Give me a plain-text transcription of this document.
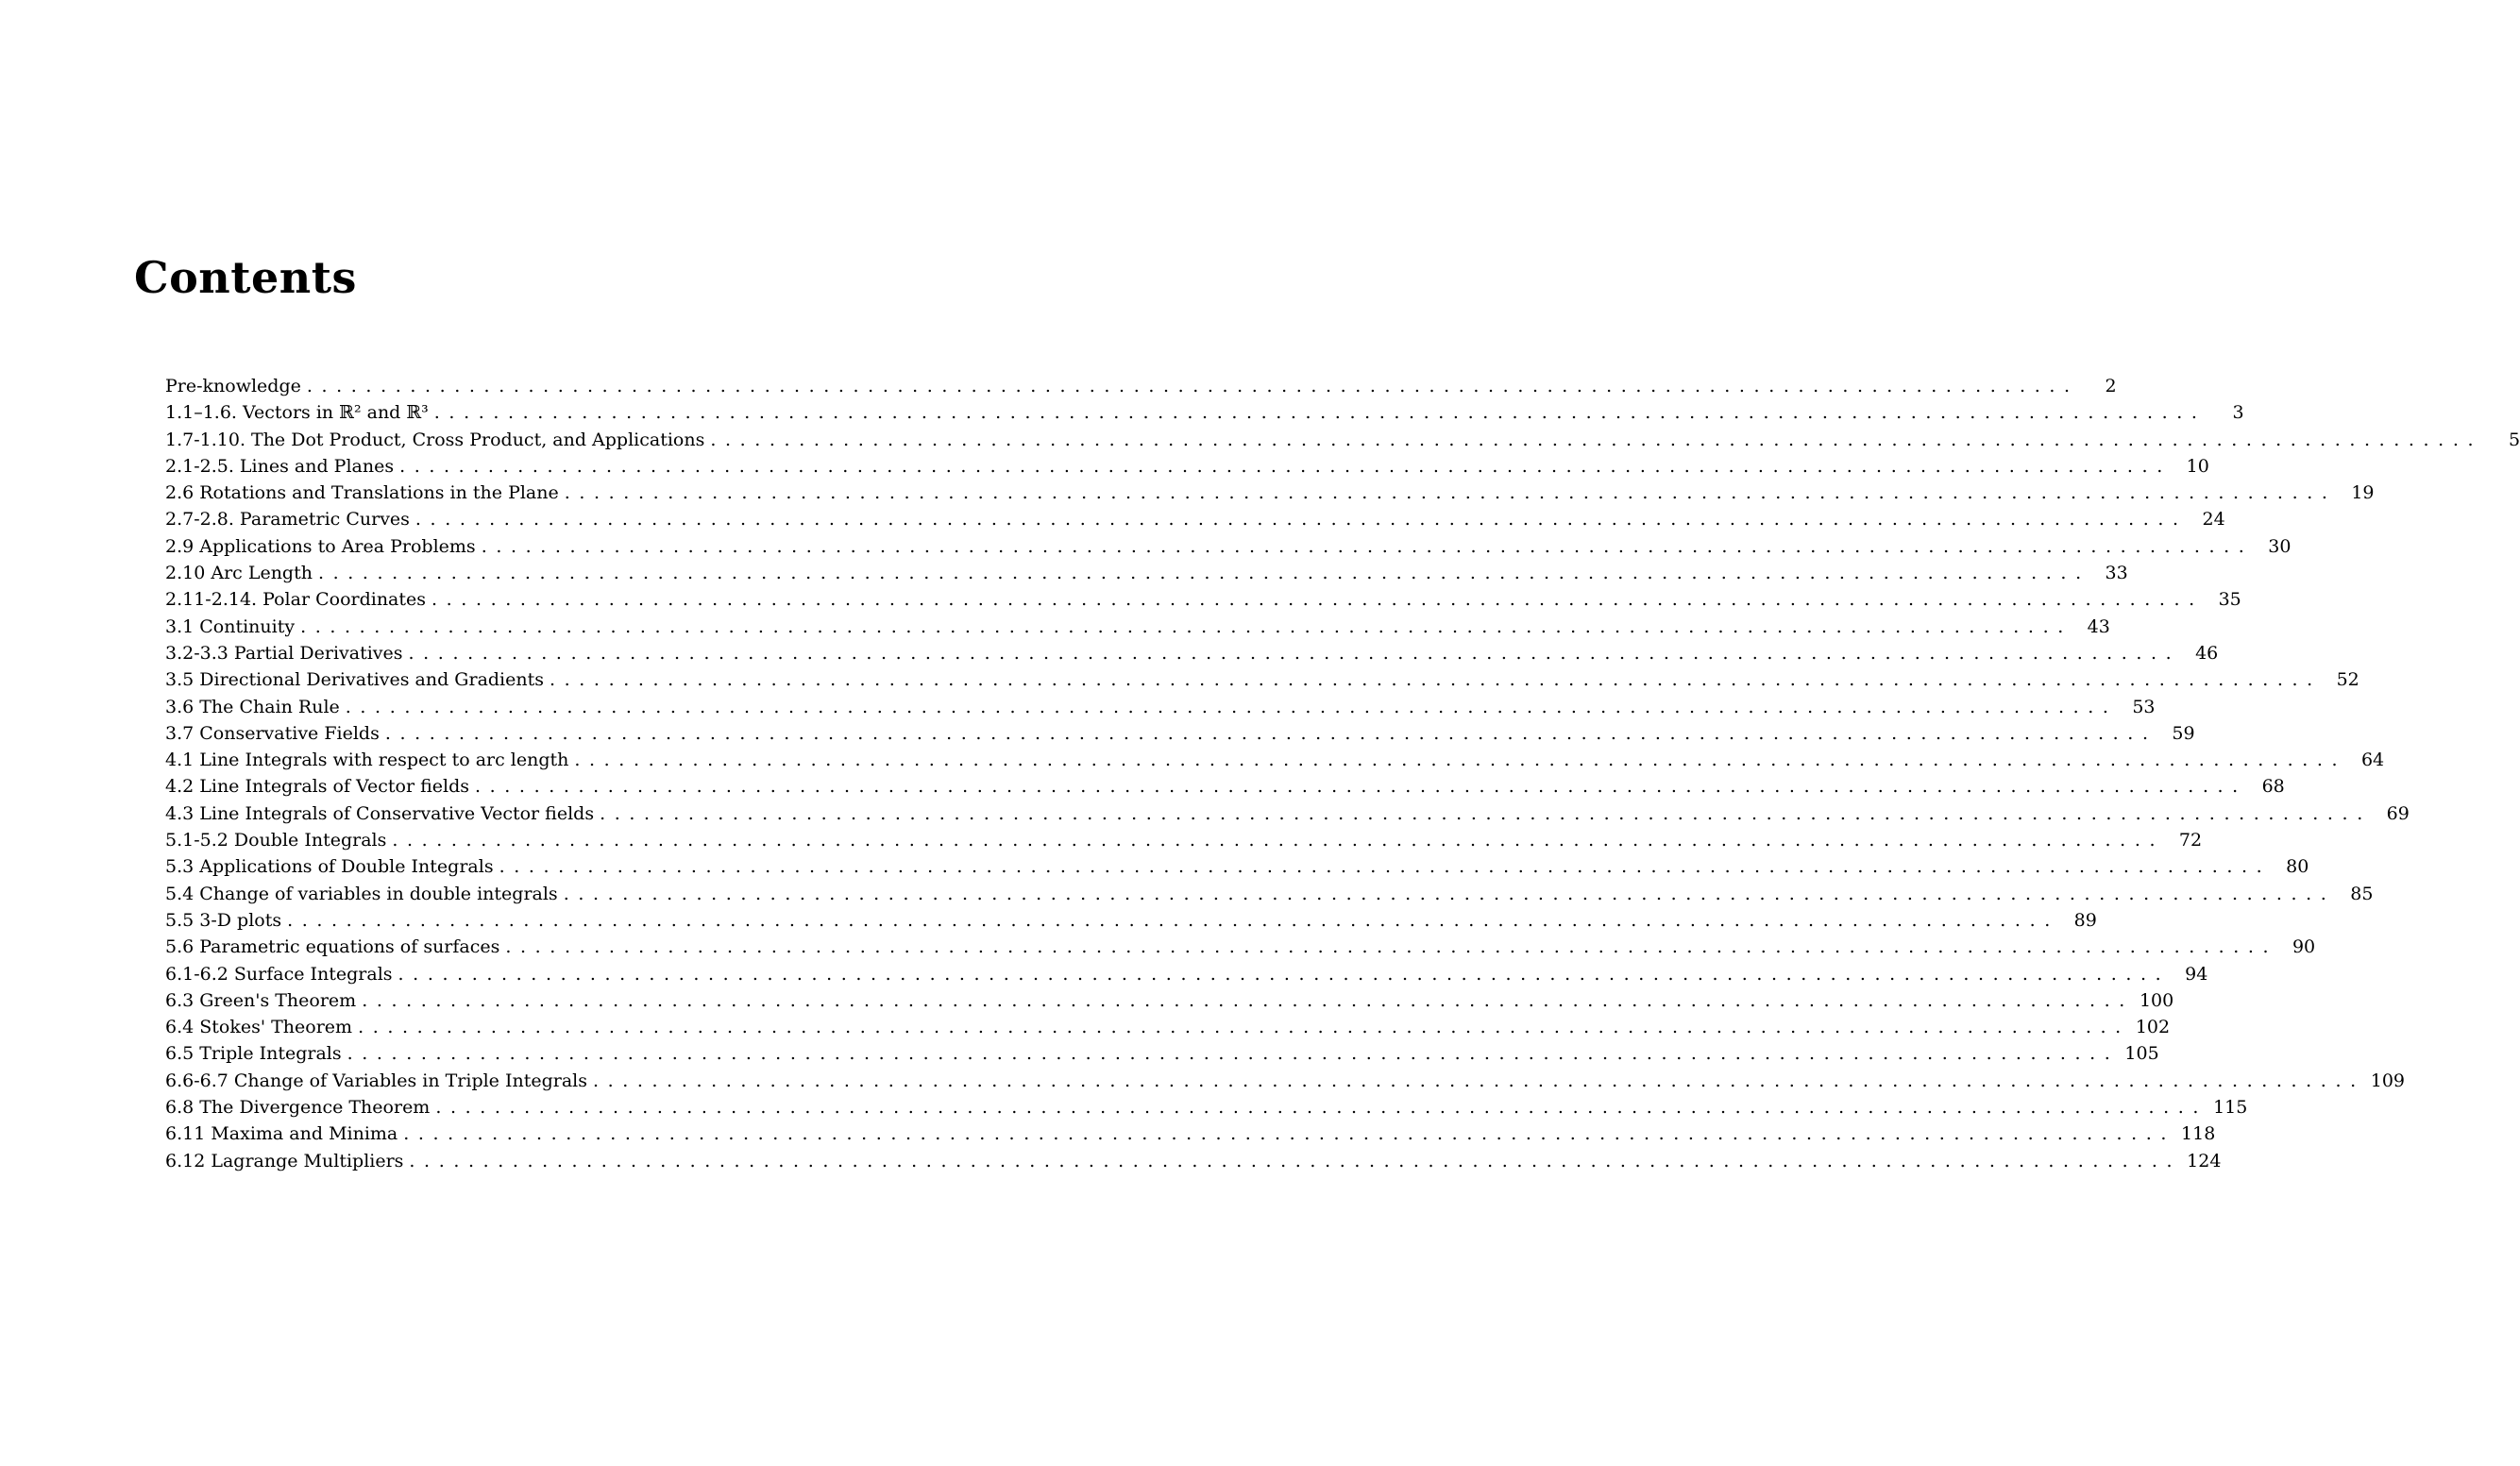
Contents
Pre-knowledge ........................................................................................................................	2
1.1–1.6. Vectors in ℝ² and ℝ³ ........................................................................................................................	3
1.7-1.10. The Dot Product, Cross Product, and Applications ........................................................................................................................	5
2.1-2.5. Lines and Planes ........................................................................................................................ 10
2.6 Rotations and Translations in the Plane ........................................................................................................................ 19
2.7-2.8. Parametric Curves ........................................................................................................................ 24
2.9 Applications to Area Problems ........................................................................................................................ 30
2.10 Arc Length ........................................................................................................................ 33
2.11-2.14. Polar Coordinates ........................................................................................................................ 35
3.1 Continuity ........................................................................................................................ 43
3.2-3.3 Partial Derivatives ........................................................................................................................ 46
3.5 Directional Derivatives and Gradients ........................................................................................................................ 52
3.6 The Chain Rule ........................................................................................................................ 53
3.7 Conservative Fields ........................................................................................................................ 59
4.1 Line Integrals with respect to arc length ........................................................................................................................ 64
4.2 Line Integrals of Vector fields ........................................................................................................................ 68
4.3 Line Integrals of Conservative Vector fields ........................................................................................................................ 69
5.1-5.2 Double Integrals ........................................................................................................................ 72
5.3 Applications of Double Integrals ........................................................................................................................ 80
5.4 Change of variables in double integrals ........................................................................................................................ 85
5.5 3-D plots ........................................................................................................................ 89
5.6 Parametric equations of surfaces ........................................................................................................................ 90
6.1-6.2 Surface Integrals ........................................................................................................................ 94
6.3 Green's Theorem ........................................................................................................................ 100
6.4 Stokes' Theorem ........................................................................................................................ 102
6.5 Triple Integrals ........................................................................................................................ 105
6.6-6.7 Change of Variables in Triple Integrals ........................................................................................................................ 109
6.8 The Divergence Theorem ........................................................................................................................ 115
6.11 Maxima and Minima ........................................................................................................................ 118
6.12 Lagrange Multipliers ........................................................................................................................ 124
